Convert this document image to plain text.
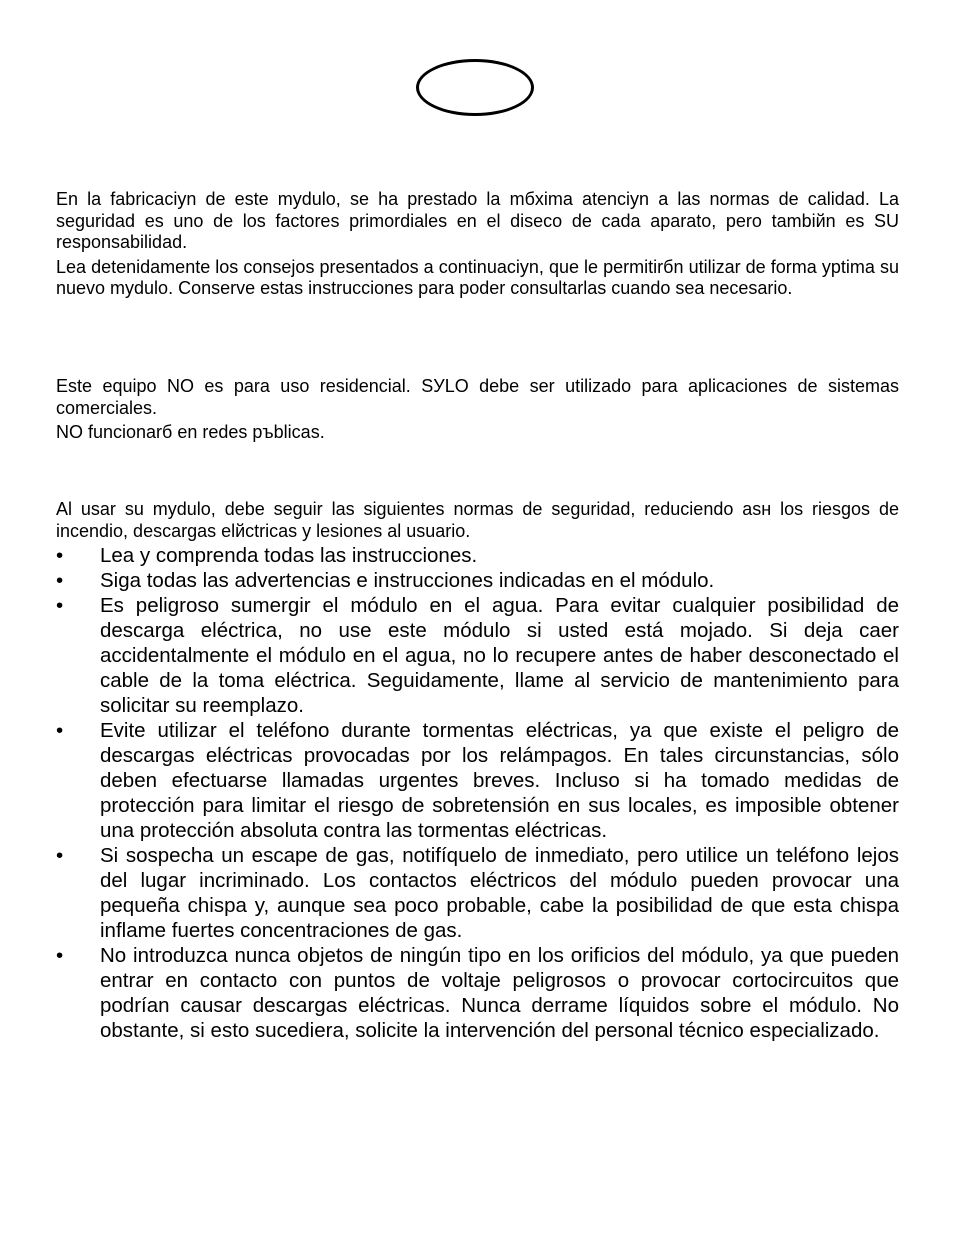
En la fabricaciуn de este mуdulo, se ha prestado la mбxima atenciуn a las normas de calidad. La seguridad es uno de los factores primordiales en el diseсo de cada aparato, pero tambiйn es SU responsabilidad.

Lea detenidamente los consejos presentados a continuaciуn, que le permitirбn utilizar de forma уptima su nuevo mуdulo. Conserve estas instrucciones para poder consultarlas cuando sea necesario.

Este equipo NO es para uso residencial. SУLO debe ser utilizado para aplicaciones de sistemas comerciales.

NO funcionarб en redes pъblicas.

Al usar su mуdulo, debe seguir las siguientes normas de seguridad, reduciendo asн los riesgos de incendio, descargas elйctricas y lesiones al usuario.

•	Lea y comprenda todas las instrucciones.
•	Siga todas las advertencias e instrucciones indicadas en el módulo.
•	Es peligroso sumergir el módulo en el agua. Para evitar cualquier posibilidad de descarga eléctrica, no use este módulo si usted está mojado. Si deja caer accidentalmente el módulo en el agua, no lo recupere antes de haber desconectado el cable de la toma eléctrica. Seguidamente, llame al servicio de mantenimiento para solicitar su reemplazo.
•	Evite utilizar el teléfono durante tormentas eléctricas, ya que existe el peligro de descargas eléctricas provocadas por los relámpagos. En tales circunstancias, sólo deben efectuarse llamadas urgentes breves. Incluso si ha tomado medidas de protección para limitar el riesgo de sobretensión en sus locales, es imposible obtener una protección absoluta contra las tormentas eléctricas.
•	Si sospecha un escape de gas, notifíquelo de inmediato, pero utilice un teléfono lejos del lugar incriminado. Los contactos eléctricos del módulo pueden provocar una pequeña chispa y, aunque sea poco probable, cabe la posibilidad de que esta chispa inflame fuertes concentraciones de gas.
•	No introduzca nunca objetos de ningún tipo en los orificios del módulo, ya que pueden entrar en contacto con puntos de voltaje peligrosos o provocar cortocircuitos que podrían causar descargas eléctricas. Nunca derrame líquidos sobre el módulo. No obstante, si esto sucediera, solicite la intervención del personal técnico especializado.
